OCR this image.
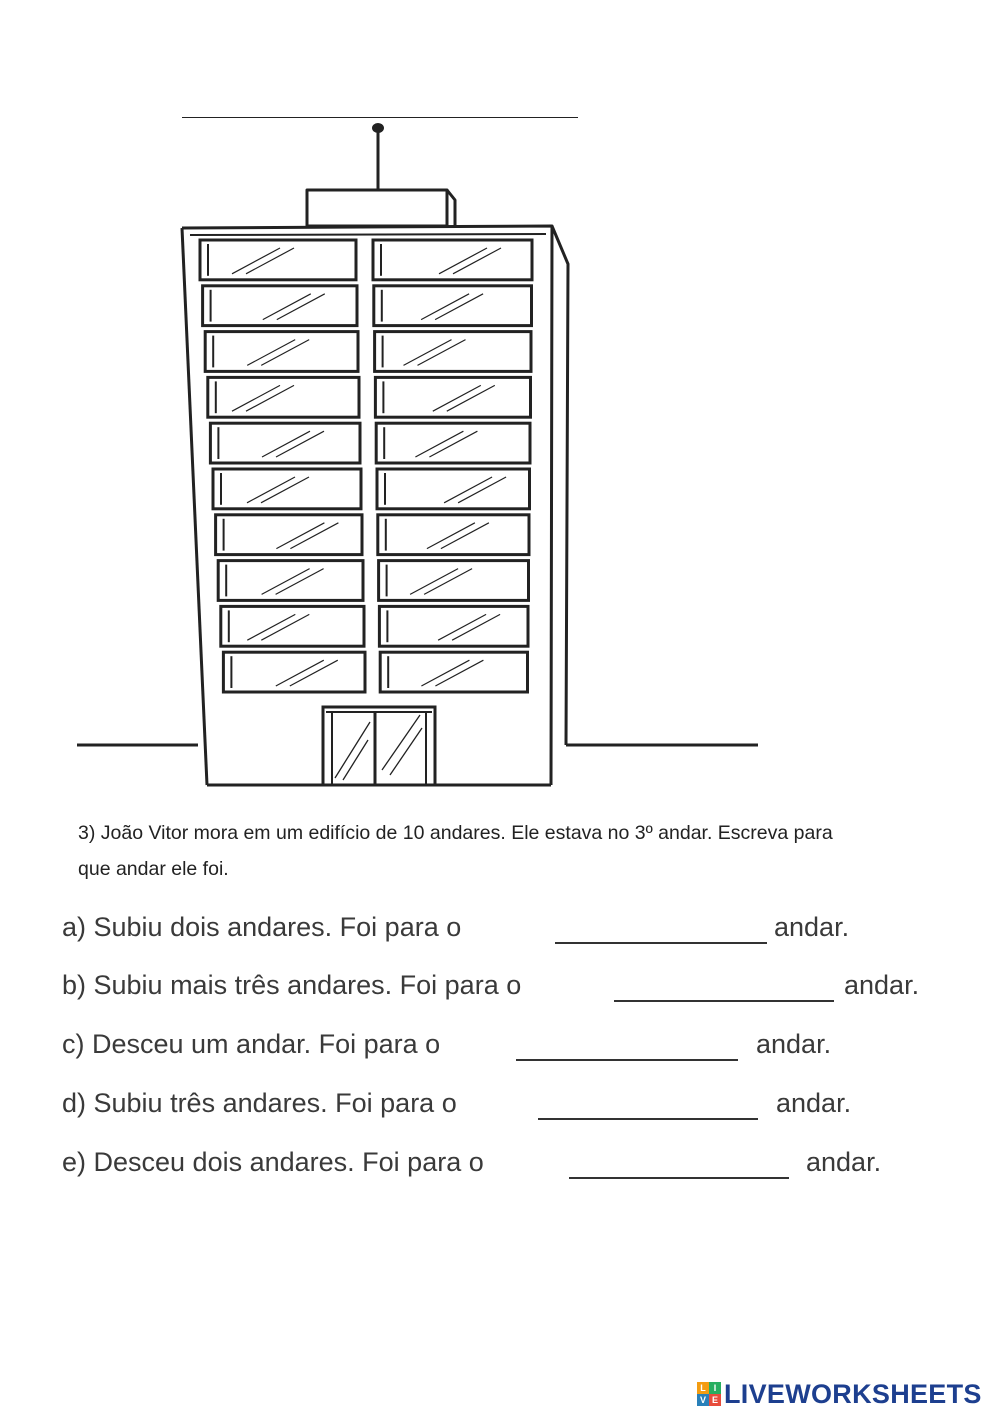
3) João Vitor mora em um edifício de 10 andares. Ele estava no 3º andar. Escreva para que andar ele foi.
a) Subiu dois andares. Foi para o	andar.
b) Subiu mais três andares. Foi para o	andar.
c) Desceu um andar. Foi para o	andar.
d) Subiu três andares. Foi para o	andar.
e) Desceu dois andares. Foi para o	andar.
L I
V E LIVEWORKSHEETS
